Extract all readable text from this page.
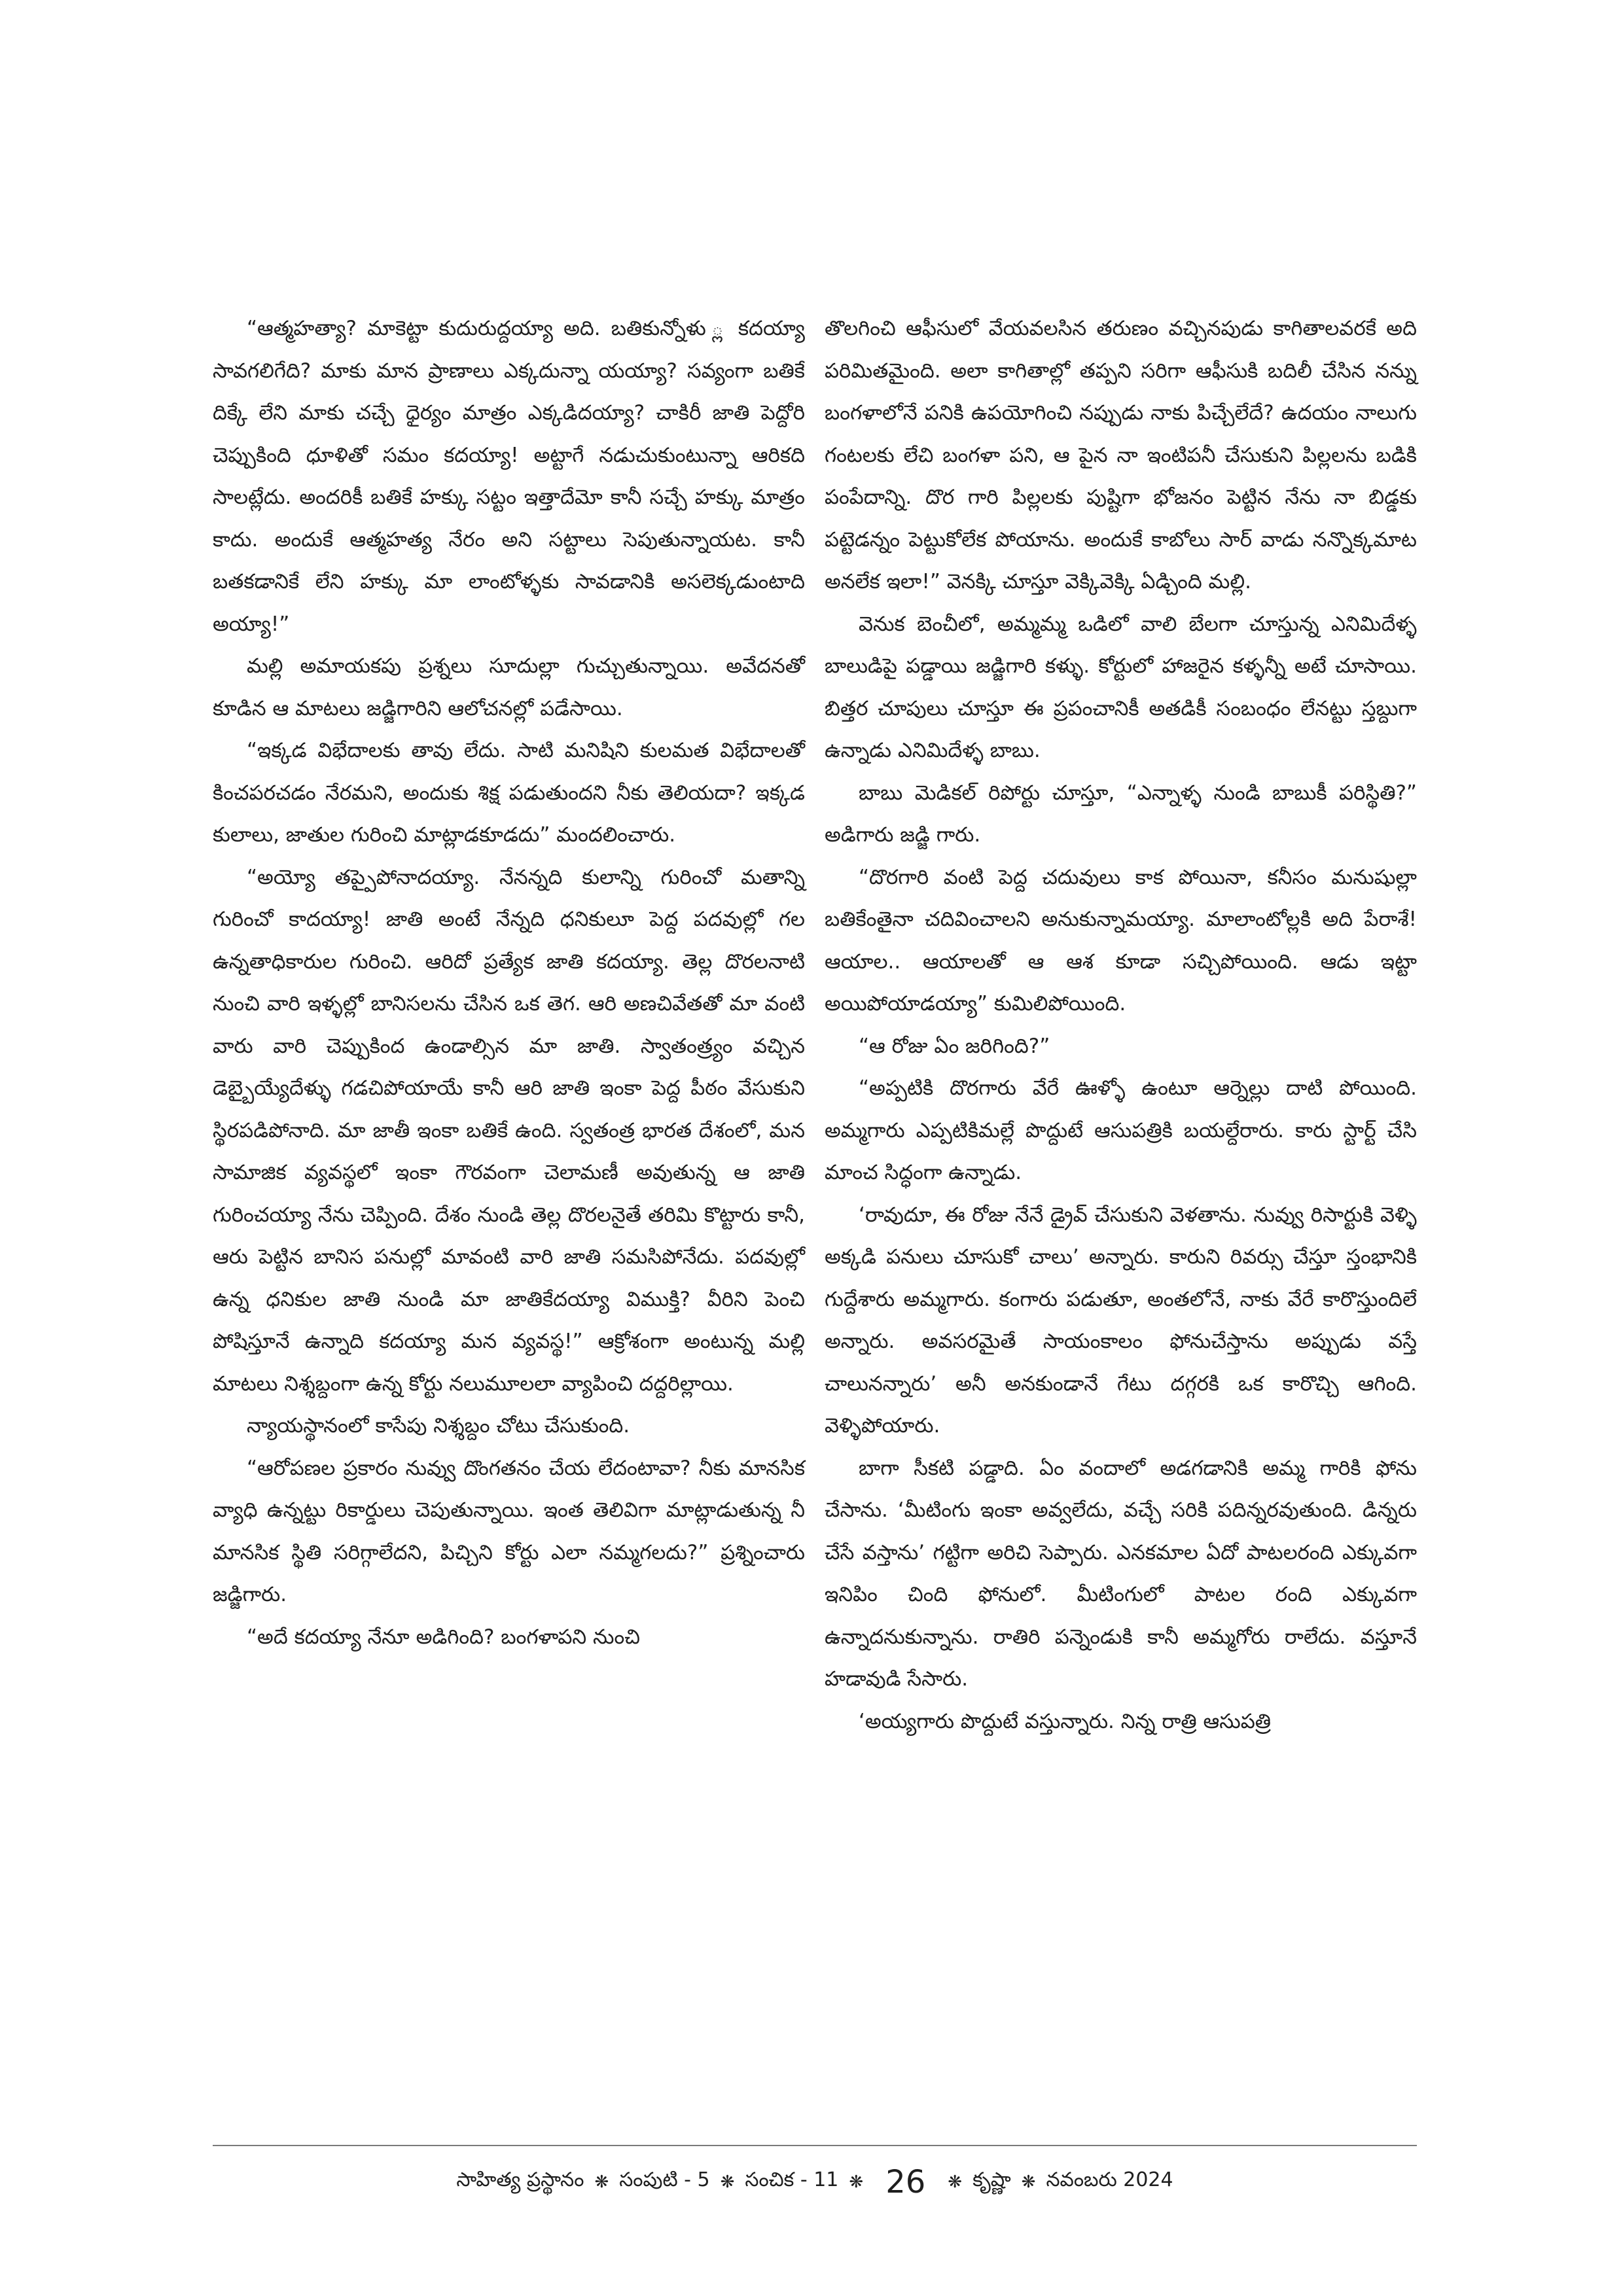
“ఆత్మహత్యా? మాకెట్టా కుదురుద్దయ్యా అది. బతికున్నోళు ్ల కదయ్యా సావగలిగేది? మాకు మాన ప్రాణాలు ఎక్కదున్నా యయ్యా? సవ్యంగా బతికే దిక్కే లేని మాకు చచ్చే ధైర్యం మాత్రం ఎక్కడిదయ్యా? చాకిరీ జాతి పెద్దోరి చెప్పుకింది ధూళితో సమం కదయ్యా! అట్టాగే నడుచుకుంటున్నా ఆరికది సాలట్లేదు. అందరికీ బతికే హక్కు సట్టం ఇత్తాదేమో కానీ సచ్చే హక్కు మాత్రం కాదు. అందుకే ఆత్మహత్య నేరం అని సట్టాలు సెపుతున్నాయట. కానీ బతకడానికే లేని హక్కు మా లాంటోళ్ళకు సావడానికి అసలెక్కడుంటాది అయ్యా!”

మల్లి అమాయకపు ప్రశ్నలు సూదుల్లా గుచ్చుతున్నాయి. అవేదనతో కూడిన ఆ మాటలు జడ్జిగారిని ఆలోచనల్లో పడేసాయి.

“ఇక్కడ విభేదాలకు తావు లేదు. సాటి మనిషిని కులమత విభేదాలతో కించపరచడం నేరమని, అందుకు శిక్ష పడుతుందని నీకు తెలియదా? ఇక్కడ కులాలు, జాతుల గురించి మాట్లాడకూడదు” మందలించారు.

“అయ్యో తప్పైపోనాదయ్యా. నేనన్నది కులాన్ని గురించో మతాన్ని గురించో కాదయ్యా! జాతి అంటే నేన్నది ధనికులూ పెద్ద పదవుల్లో గల ఉన్నతాధికారుల గురించి. ఆరిదో ప్రత్యేక జాతి కదయ్యా. తెల్ల దొరలనాటి నుంచి వారి ఇళ్ళల్లో బానిసలను చేసిన ఒక తెగ. ఆరి అణచివేతతో మా వంటి వారు వారి చెప్పుకింద ఉండాల్సిన మా జాతి. స్వాతంత్ర్యం వచ్చిన డెబ్బైయ్యేదేళ్ళు గడచిపోయాయే కానీ ఆరి జాతి ఇంకా పెద్ద పీఠం వేసుకుని స్థిరపడిపోనాది. మా జాతీ ఇంకా బతికే ఉంది. స్వతంత్ర భారత దేశంలో, మన సామాజిక వ్యవస్థలో ఇంకా గౌరవంగా చెలామణీ అవుతున్న ఆ జాతి గురించయ్యా నేను చెప్పింది. దేశం నుండి తెల్ల దొరలనైతే తరిమి కొట్టారు కానీ, ఆరు పెట్టిన బానిస పనుల్లో మావంటి వారి జాతి సమసిపోనేదు. పదవుల్లో ఉన్న ధనికుల జాతి నుండి మా జాతికేదయ్యా విముక్తి? వీరిని పెంచి పోషిస్తూనే ఉన్నాది కదయ్యా మన వ్యవస్థ!” ఆక్రోశంగా అంటున్న మల్లి మాటలు నిశ్శబ్దంగా ఉన్న కోర్టు నలుమూలలా వ్యాపించి దద్దరిల్లాయి.

న్యాయస్థానంలో కాసేపు నిశ్శబ్దం చోటు చేసుకుంది.

“ఆరోపణల ప్రకారం నువ్వు దొంగతనం చేయ లేదంటావా? నీకు మానసిక వ్యాధి ఉన్నట్టు రికార్డులు చెపుతున్నాయి. ఇంత తెలివిగా మాట్లాడుతున్న నీ మానసిక స్థితి సరిగ్గాలేదని, పిచ్చిని కోర్టు ఎలా నమ్మగలదు?” ప్రశ్నించారు జడ్జిగారు.

“అదే కదయ్యా నేనూ అడిగింది? బంగళాపని నుంచి

తొలగించి ఆఫీసులో వేయవలసిన తరుణం వచ్చినపుడు కాగితాలవరకే అది పరిమితమైంది. అలా కాగితాల్లో తప్పని సరిగా ఆఫీసుకి బదిలీ చేసిన నన్ను బంగళాలోనే పనికి ఉపయోగించి నప్పుడు నాకు పిచ్చేలేదే? ఉదయం నాలుగు గంటలకు లేచి బంగళా పని, ఆ పైన నా ఇంటిపనీ చేసుకుని పిల్లలను బడికి పంపేదాన్ని. దొర గారి పిల్లలకు పుష్టిగా భోజనం పెట్టిన నేను నా బిడ్డకు పట్టెడన్నం పెట్టుకోలేక పోయాను. అందుకే కాబోలు సార్ వాడు నన్నొక్కమాట అనలేక ఇలా!” వెనక్కి చూస్తూ వెక్కివెక్కి ఏడ్చింది మల్లి.

వెనుక బెంచీలో, అమ్మమ్మ ఒడిలో వాలి బేలగా చూస్తున్న ఎనిమిదేళ్ళ బాలుడిపై పడ్డాయి జడ్జిగారి కళ్ళు. కోర్టులో హాజరైన కళ్ళన్నీ అటే చూసాయి. బిత్తర చూపులు చూస్తూ ఈ ప్రపంచానికీ అతడికీ సంబంధం లేనట్టు స్తబ్దుగా ఉన్నాడు ఎనిమిదేళ్ళ బాబు.

బాబు మెడికల్ రిపోర్టు చూస్తూ, “ఎన్నాళ్ళ నుండి బాబుకీ పరిస్థితి?” అడిగారు జడ్జి గారు.

“దొరగారి వంటి పెద్ద చదువులు కాక పోయినా, కనీసం మనుషుల్లా బతికేంతైనా చదివించాలని అనుకున్నామయ్యా. మాలాంటోల్లకి అది పేరాశే! ఆయాల.. ఆయాలతో ఆ ఆశ కూడా సచ్చిపోయింది. ఆడు ఇట్టా అయిపోయాడయ్యా” కుమిలిపోయింది.

“ఆ రోజు ఏం జరిగింది?”

“అప్పటికి దొరగారు వేరే ఊళ్ళో ఉంటూ ఆర్నెల్లు దాటి పోయింది. అమ్మగారు ఎప్పటికిమల్లే పొద్దుటే ఆసుపత్రికి బయల్దేరారు. కారు స్టార్ట్ చేసి మాంచ సిద్ధంగా ఉన్నాడు.

‘రావుదూ, ఈ రోజు నేనే డ్రైవ్ చేసుకుని వెళతాను. నువ్వు రిసార్టుకి వెళ్ళి అక్కడి పనులు చూసుకో చాలు’ అన్నారు. కారుని రివర్సు చేస్తూ స్తంభానికి గుద్దేశారు అమ్మగారు. కంగారు పడుతూ, అంతలోనే, నాకు వేరే కారొస్తుందిలే అన్నారు. అవసరమైతే సాయంకాలం ఫోనుచేస్తాను అప్పుడు వస్తే చాలునన్నారు’ అనీ అనకుండానే గేటు దగ్గరకి ఒక కారొచ్చి ఆగింది. వెళ్ళిపోయారు.

బాగా సీకటి పడ్డాది. ఏం వందాలో అడగడానికి అమ్మ గారికి ఫోను చేసాను. ‘మీటింగు ఇంకా అవ్వలేదు, వచ్చే సరికి పదిన్నరవుతుంది. డిన్నరు చేసే వస్తాను’ గట్టిగా అరిచి సెప్పారు. ఎనకమాల ఏదో పాటలరంది ఎక్కువగా ఇనిపిం చింది ఫోనులో. మీటింగులో పాటల రంది ఎక్కువగా ఉన్నాదనుకున్నాను. రాతిరి పన్నెండుకి కానీ అమ్మగోరు రాలేదు. వస్తూనే హడావుడి సేసారు.

‘అయ్యగారు పొద్దుటే వస్తున్నారు. నిన్న రాత్రి ఆసుపత్రి

సాహిత్య ప్రస్థానం ❋ సంపుటి - 5 ❋ సంచిక - 11 ❋ 26 ❋ కృష్ణా ❋ నవంబరు 2024
